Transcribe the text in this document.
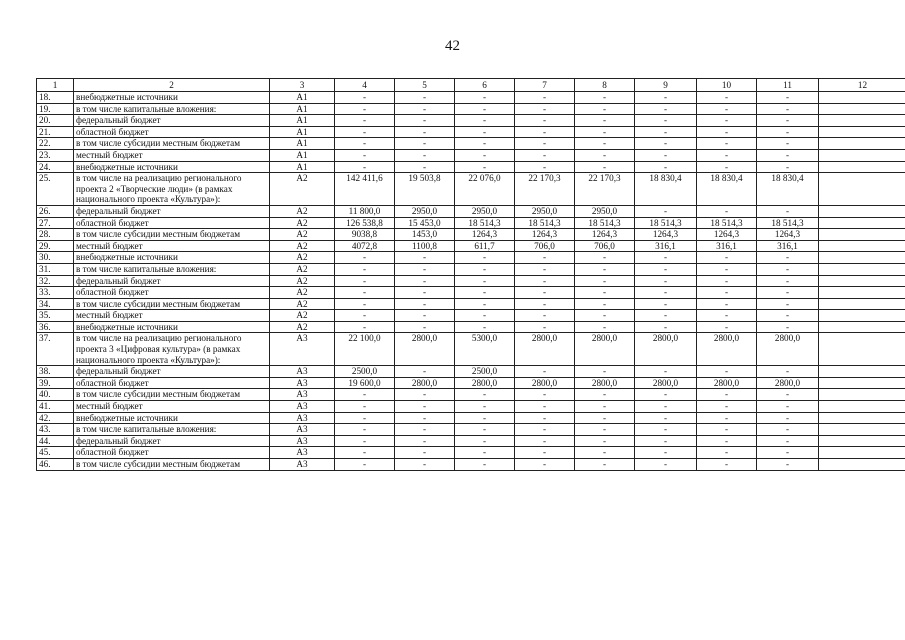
42
1	2	3	4	5	6	7	8	9	10	11	12
18.	внебюджетные источники	А1	-	-	-	-	-	-	-	-	
19.	в том числе капитальные вложения:	А1	-	-	-	-	-	-	-	-	
20.	федеральный бюджет	А1	-	-	-	-	-	-	-	-	
21.	областной бюджет	А1	-	-	-	-	-	-	-	-	
22.	в том числе субсидии местным бюджетам	А1	-	-	-	-	-	-	-	-	
23.	местный бюджет	А1	-	-	-	-	-	-	-	-	
24.	внебюджетные источники	А1	-	-	-	-	-	-	-	-	
25.	в том числе на реализацию регионального проекта 2 «Творческие люди» (в рамках национального проекта «Культура»):	А2	142 411,6	19 503,8	22 076,0	22 170,3	22 170,3	18 830,4	18 830,4	18 830,4	
26.	федеральный бюджет	А2	11 800,0	2950,0	2950,0	2950,0	2950,0	-	-	-	
27.	областной бюджет	А2	126 538,8	15 453,0	18 514,3	18 514,3	18 514,3	18 514,3	18 514,3	18 514,3	
28.	в том числе субсидии местным бюджетам	А2	9038,8	1453,0	1264,3	1264,3	1264,3	1264,3	1264,3	1264,3	
29.	местный бюджет	А2	4072,8	1100,8	611,7	706,0	706,0	316,1	316,1	316,1	
30.	внебюджетные источники	А2	-	-	-	-	-	-	-	-	
31.	в том числе капитальные вложения:	А2	-	-	-	-	-	-	-	-	
32.	федеральный бюджет	А2	-	-	-	-	-	-	-	-	
33.	областной бюджет	А2	-	-	-	-	-	-	-	-	
34.	в том числе субсидии местным бюджетам	А2	-	-	-	-	-	-	-	-	
35.	местный бюджет	А2	-	-	-	-	-	-	-	-	
36.	внебюджетные источники	А2	-	-	-	-	-	-	-	-	
37.	в том числе на реализацию регионального проекта 3 «Цифровая культура» (в рамках национального проекта «Культура»):	А3	22 100,0	2800,0	5300,0	2800,0	2800,0	2800,0	2800,0	2800,0	
38.	федеральный бюджет	А3	2500,0	-	2500,0	-	-	-	-	-	
39.	областной бюджет	А3	19 600,0	2800,0	2800,0	2800,0	2800,0	2800,0	2800,0	2800,0	
40.	в том числе субсидии местным бюджетам	А3	-	-	-	-	-	-	-	-	
41.	местный бюджет	А3	-	-	-	-	-	-	-	-	
42.	внебюджетные источники	А3	-	-	-	-	-	-	-	-	
43.	в том числе капитальные вложения:	А3	-	-	-	-	-	-	-	-	
44.	федеральный бюджет	А3	-	-	-	-	-	-	-	-	
45.	областной бюджет	А3	-	-	-	-	-	-	-	-	
46.	в том числе субсидии местным бюджетам	А3	-	-	-	-	-	-	-	-	
